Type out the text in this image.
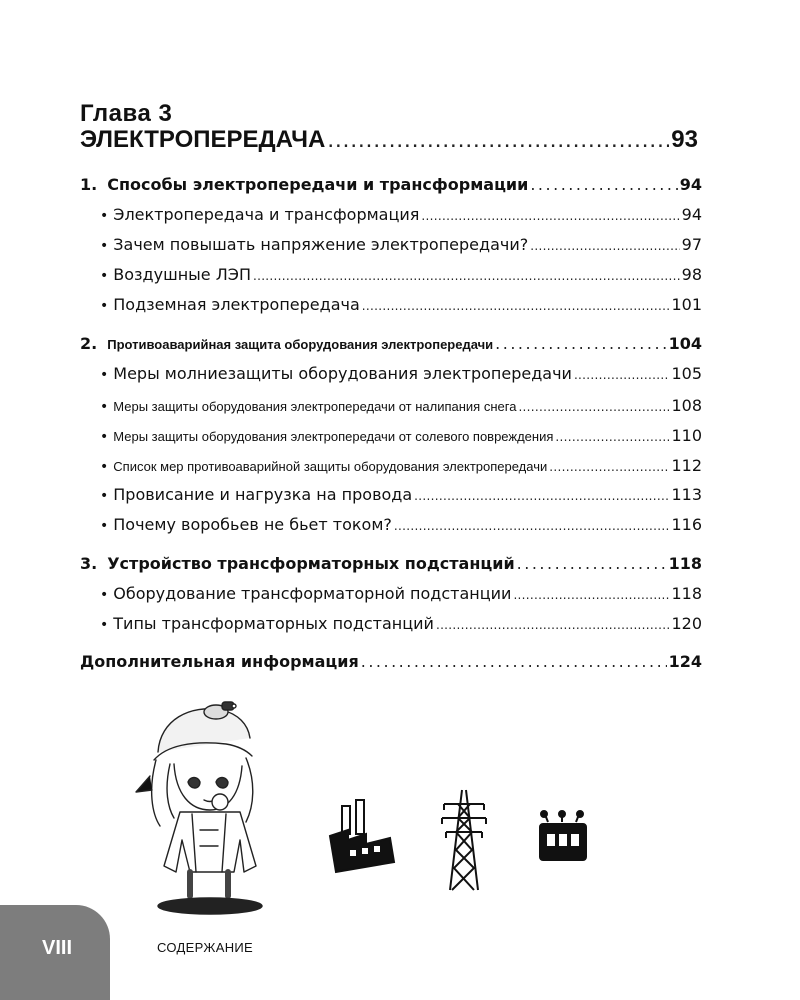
Глава 3
ЭЛЕКТРОПЕРЕДАЧА .....	93
1. Способы электропередачи и трансформации .....	94
• Электропередача и трансформация .....	94
• Зачем повышать напряжение электропередачи? .....	97
• Воздушные ЛЭП .....	98
• Подземная электропередача .....	101
2. Противоаварийная защита оборудования электропередачи .....	104
• Меры молниезащиты оборудования электропередачи .....	105
• Меры защиты оборудования электропередачи от налипания снега .....	108
• Меры защиты оборудования электропередачи от солевого повреждения .....	110
• Список мер противоаварийной защиты оборудования электропередачи .....	112
• Провисание и нагрузка на провода .....	113
• Почему воробьев не бьет током? .....	116
3. Устройство трансформаторных подстанций .....	118
• Оборудование трансформаторной подстанции .....	118
• Типы трансформаторных подстанций .....	120
Дополнительная информация .....	124
VIII	СОДЕРЖАНИЕ
